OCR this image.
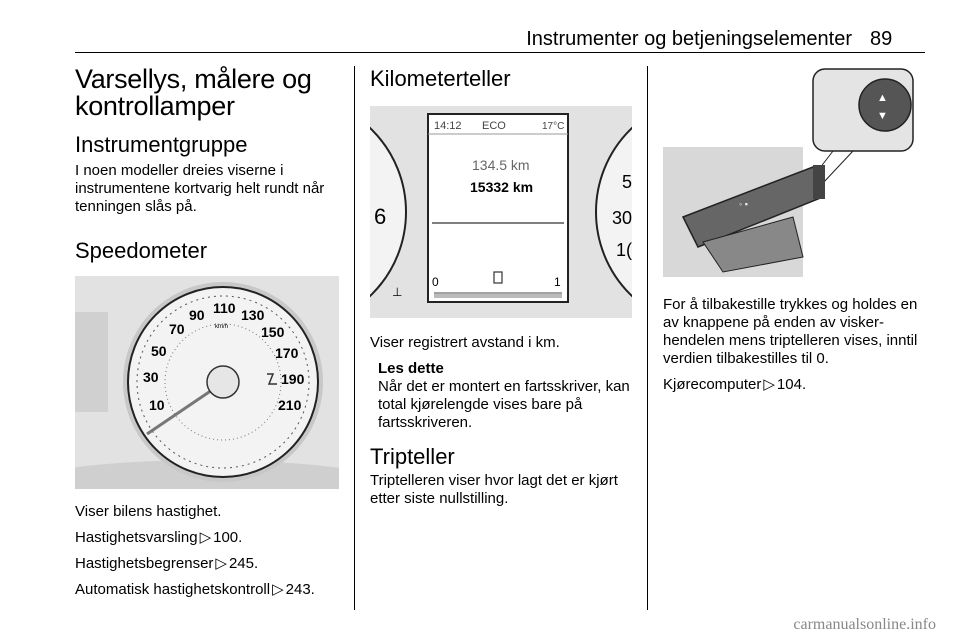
Instrumenter og betjeningselementer 89
Varsellys, målere og
kontrollamper
Instrumentgruppe

I noen modeller dreies viserne i instrumentene kortvarig helt rundt når tenningen slås på.

Speedometer
10
30
50
70
90 110 130
150
170
190
210
km/h

Viser bilens hastighet.

Hastighetsvarsling ▷ 100.

Hastighetsbegrenser ▷ 245.

Automatisk hastighetskontroll ▷ 243.

Kilometerteller
6
⊥
5
30
1(
14:12 ECO	17°C
134.5 km
15332 km
0	1

Viser registrert avstand i km.

Les dette

Når det er montert en fartsskriver, kan total kjørelengde vises bare på fartsskriveren.

Tripteller

Triptelleren viser hvor lagt det er kjørt etter siste nullstilling.

▲
▼
◦ ▪

For å tilbakestille trykkes og holdes en av knappene på enden av visker-hendelen mens triptelleren vises, inntil verdien tilbakestilles til 0.

Kjørecomputer ▷ 104.

carmanualsonline.info
